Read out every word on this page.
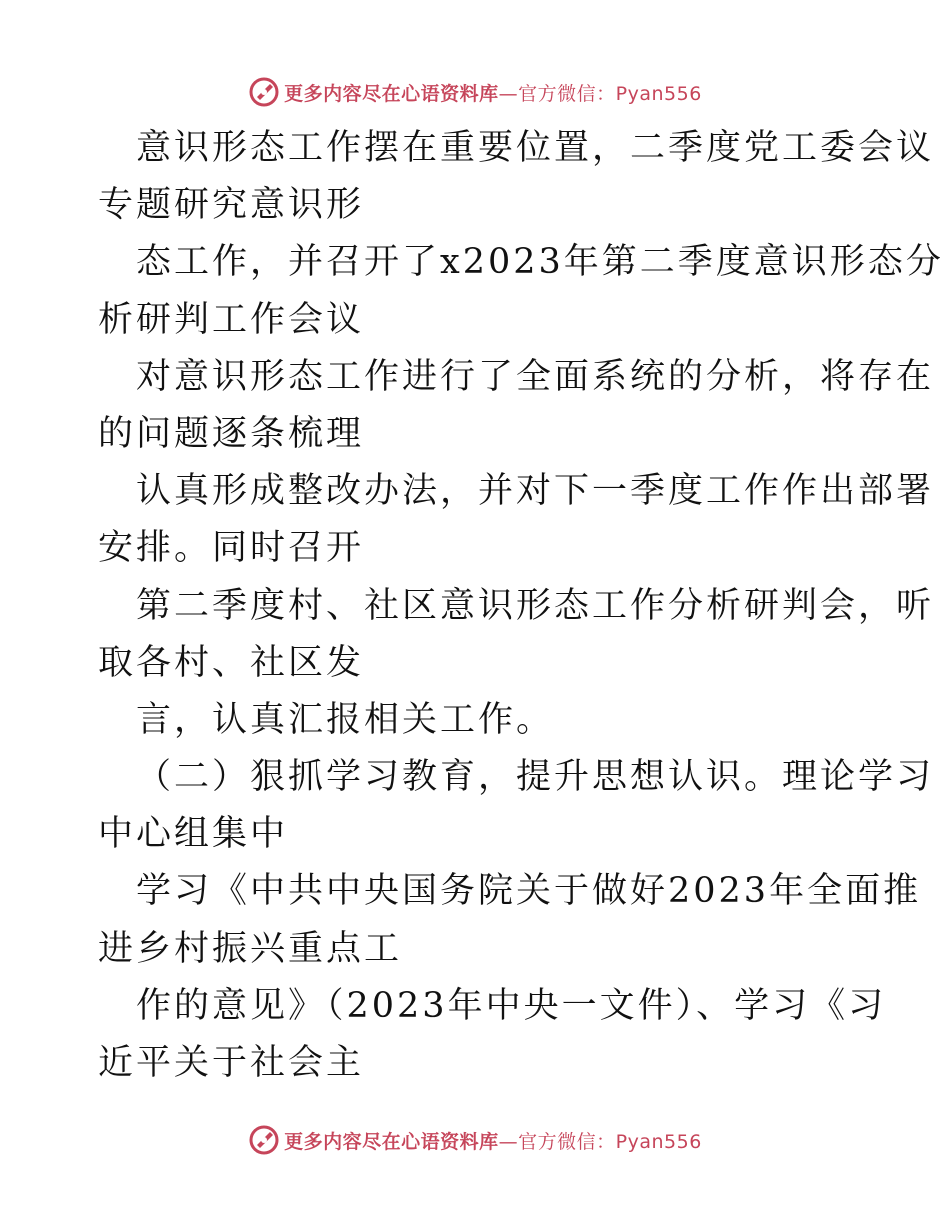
更多内容尽在心语资料库—官方微信：Pyan556
意识形态工作摆在重要位置，二季度党工委会议
专题研究意识形
态工作，并召开了x2023年第二季度意识形态分
析研判工作会议
对意识形态工作进行了全面系统的分析，将存在
的问题逐条梳理
认真形成整改办法，并对下一季度工作作出部署
安排。同时召开
第二季度村、社区意识形态工作分析研判会，听
取各村、社区发
言，认真汇报相关工作。
（二）狠抓学习教育，提升思想认识。理论学习
中心组集中
学习《中共中央国务院关于做好2023年全面推
进乡村振兴重点工
作的意见》（2023年中央一文件）、学习《习
近平关于社会主
更多内容尽在心语资料库—官方微信：Pyan556
